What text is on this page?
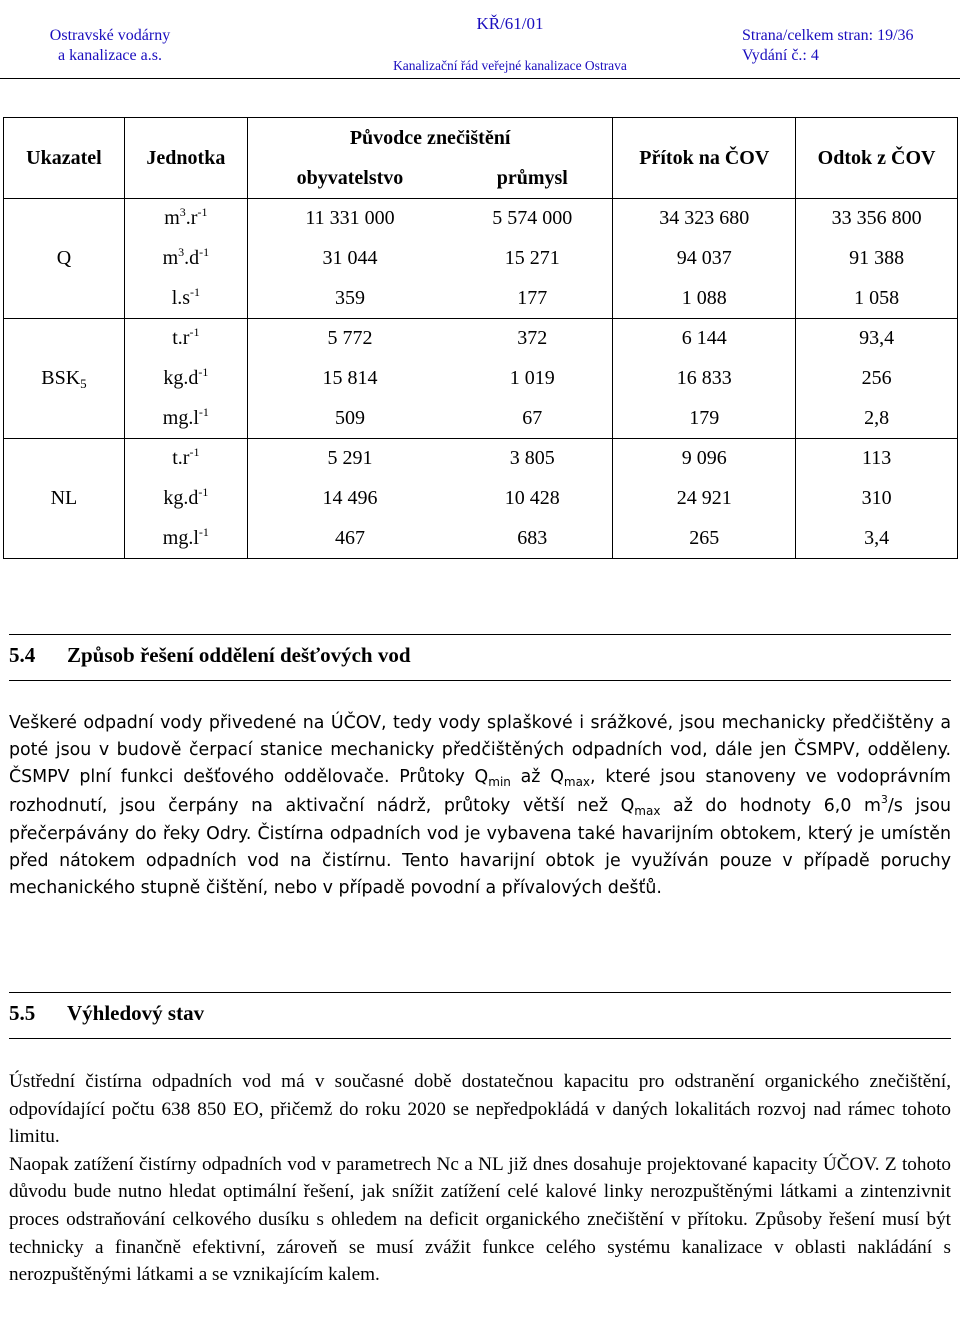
Ostravské vodárny
a kanalizace a.s.
KŘ/61/01
Kanalizační řád veřejné kanalizace Ostrava
Strana/celkem stran: 19/36
Vydání č.: 4
Ukazatel	Jednotka	Původce znečištění		Přítok na ČOV	Odtok z ČOV
		obyvatelstvo	průmysl		
Q	$m^3.r^{-1}$	11 331 000	5 574 000	34 323 680	33 356 800
	$m^3.d^{-1}$	31 044	15 271	94 037	91 388
	$l.s^{-1}$	359	177	1 088	1 058
$BSK_5$	$t.r^{-1}$	5 772	372	6 144	93,4
	$kg.d^{-1}$	15 814	1 019	16 833	256
	$mg.l^{-1}$	509	67	179	2,8
NL	$t.r^{-1}$	5 291	3 805	9 096	113
	$kg.d^{-1}$	14 496	10 428	24 921	310
	$mg.l^{-1}$	467	683	265	3,4
5.4 Způsob řešení oddělení dešťových vod

Veškeré odpadní vody přivedené na ÚČOV, tedy vody splaškové i srážkové, jsou mechanicky předčištěny a poté jsou v budově čerpací stanice mechanicky předčištěných odpadních vod, dále jen ČSMPV, odděleny. ČSMPV plní funkci dešťového oddělovače. Průtoky $Q_{min}$ až $Q_{max}$, které jsou stanoveny ve vodoprávním rozhodnutí, jsou čerpány na aktivační nádrž, průtoky větší než $Q_{max}$ až do hodnoty 6,0 $m^3/s$ jsou přečerpávány do řeky Odry. Čistírna odpadních vod je vybavena také havarijním obtokem, který je umístěn před nátokem odpadních vod na čistírnu. Tento havarijní obtok je využíván pouze v případě poruchy mechanického stupně čištění, nebo v případě povodní a přívalových dešťů.

5.5 Výhledový stav

Ústřední čistírna odpadních vod má v současné době dostatečnou kapacitu pro odstranění organického znečištění, odpovídající počtu 638 850 EO, přičemž do roku 2020 se nepředpokládá v daných lokalitách rozvoj nad rámec tohoto limitu.

Naopak zatížení čistírny odpadních vod v parametrech Nc a NL již dnes dosahuje projektované kapacity ÚČOV. Z tohoto důvodu bude nutno hledat optimální řešení, jak snížit zatížení celé kalové linky nerozpuštěnými látkami a zintenzivnit proces odstraňování celkového dusíku s ohledem na deficit organického znečištění v přítoku. Způsoby řešení musí být technicky a finančně efektivní, zároveň se musí zvážit funkce celého systému kanalizace v oblasti nakládání s nerozpuštěnými látkami a se vznikajícím kalem.
